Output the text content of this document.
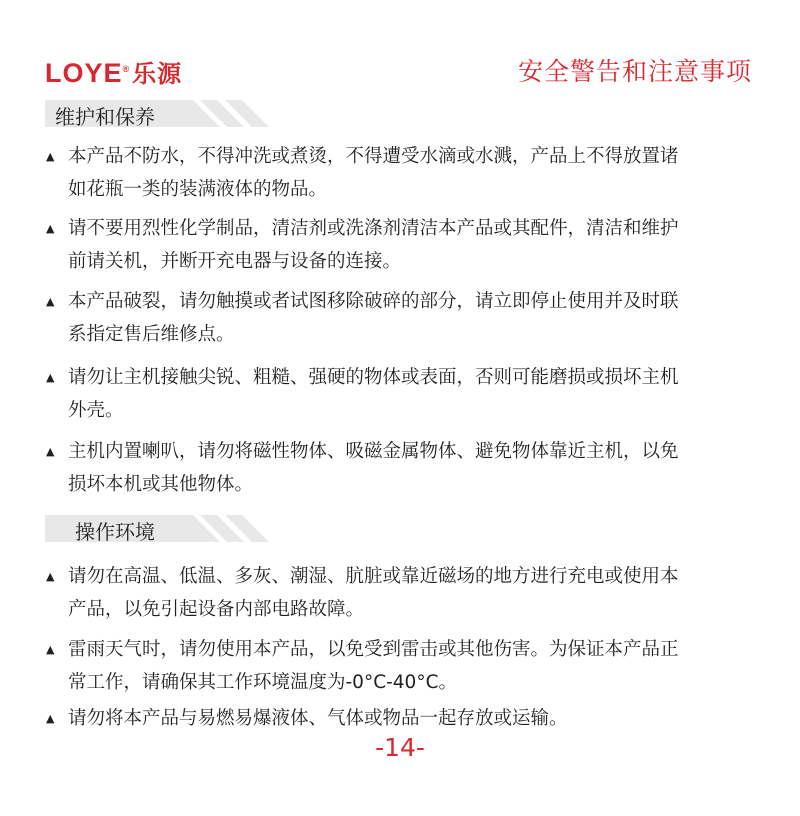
LOYE®乐源	安全警告和注意事项
维护和保养
▲ 本产品不防水，不得冲洗或煮烫，不得遭受水滴或水溅，产品上不得放置诸如花瓶一类的装满液体的物品。
▲ 请不要用烈性化学制品，清洁剂或洗涤剂清洁本产品或其配件，清洁和维护前请关机，并断开充电器与设备的连接。
▲ 本产品破裂，请勿触摸或者试图移除破碎的部分，请立即停止使用并及时联系指定售后维修点。
▲ 请勿让主机接触尖锐、粗糙、强硬的物体或表面，否则可能磨损或损坏主机外壳。
▲ 主机内置喇叭，请勿将磁性物体、吸磁金属物体、避免物体靠近主机，以免损坏本机或其他物体。
操作环境
▲ 请勿在高温、低温、多灰、潮湿、肮脏或靠近磁场的地方进行充电或使用本产品，以免引起设备内部电路故障。
▲ 雷雨天气时，请勿使用本产品，以免受到雷击或其他伤害。为保证本产品正常工作，请确保其工作环境温度为-0°C-40°C。
▲ 请勿将本产品与易燃易爆液体、气体或物品一起存放或运输。
-14-
